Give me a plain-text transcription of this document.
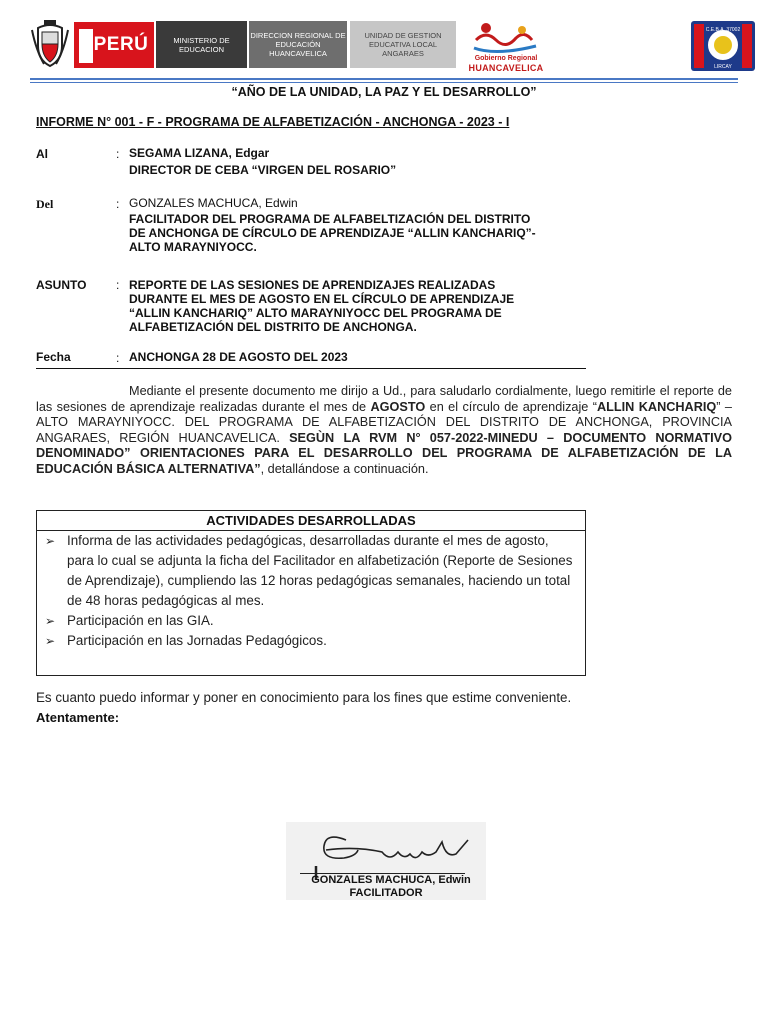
PERÚ	MINISTERIO DE EDUCACION
DIRECCION REGIONAL DE EDUCACIÓN HUANCAVELICA
UNIDAD DE GESTION EDUCATIVA LOCAL ANGARAES
Gobierno Regional
HUANCAVELICA
C.E.B.A. 37002
LIRCAY
“AÑO DE LA UNIDAD, LA PAZ Y EL DESARROLLO”
INFORME N° 001 - F - PROGRAMA DE ALFABETIZACIÓN - ANCHONGA - 2023 - I
Al	: SEGAMA LIZANA, Edgar
DIRECTOR DE CEBA “VIRGEN DEL ROSARIO”
Del	: GONZALES MACHUCA, Edwin
FACILITADOR DEL PROGRAMA DE ALFABELTIZACIÓN DEL DISTRITO
DE ANCHONGA DE CÍRCULO DE APRENDIZAJE “ALLIN KANCHARIQ”-
ALTO MARAYNIYOCC.
ASUNTO : REPORTE DE LAS SESIONES DE APRENDIZAJES REALIZADAS
DURANTE EL MES DE AGOSTO EN EL CÍRCULO DE APRENDIZAJE
“ALLIN KANCHARIQ” ALTO MARAYNIYOCC DEL PROGRAMA DE
ALFABETIZACIÓN DEL DISTRITO DE ANCHONGA.
Fecha	: ANCHONGA 28 DE AGOSTO DEL 2023
Mediante el presente documento me dirijo a Ud., para saludarlo cordialmente, luego remitirle el reporte de las sesiones de aprendizaje realizadas durante el mes de AGOSTO en el círculo de aprendizaje “ALLIN KANCHARIQ” – ALTO MARAYNIYOCC. DEL PROGRAMA DE ALFABETIZACIÓN DEL DISTRITO DE ANCHONGA, PROVINCIA ANGARAES, REGIÓN HUANCAVELICA. SEGÙN LA RVM N° 057-2022-MINEDU – DOCUMENTO NORMATIVO DENOMINADO” ORIENTACIONES PARA EL DESARROLLO DEL PROGRAMA DE ALFABETIZACIÓN DE LA EDUCACIÓN BÁSICA ALTERNATIVA”, detallándose a continuación.
ACTIVIDADES DESARROLLADAS
➢ Informa de las actividades pedagógicas, desarrolladas durante el mes de agosto, para lo cual se adjunta la ficha del Facilitador en alfabetización (Reporte de Sesiones de Aprendizaje), cumpliendo las 12 horas pedagógicas semanales, haciendo un total de 48 horas pedagógicas al mes.
➢ Participación en las GIA.
➢ Participación en las Jornadas Pedagógicos.
Es cuanto puedo informar y poner en conocimiento para los fines que estime conveniente.
Atentamente:
GONZALES MACHUCA, Edwin
FACILITADOR
